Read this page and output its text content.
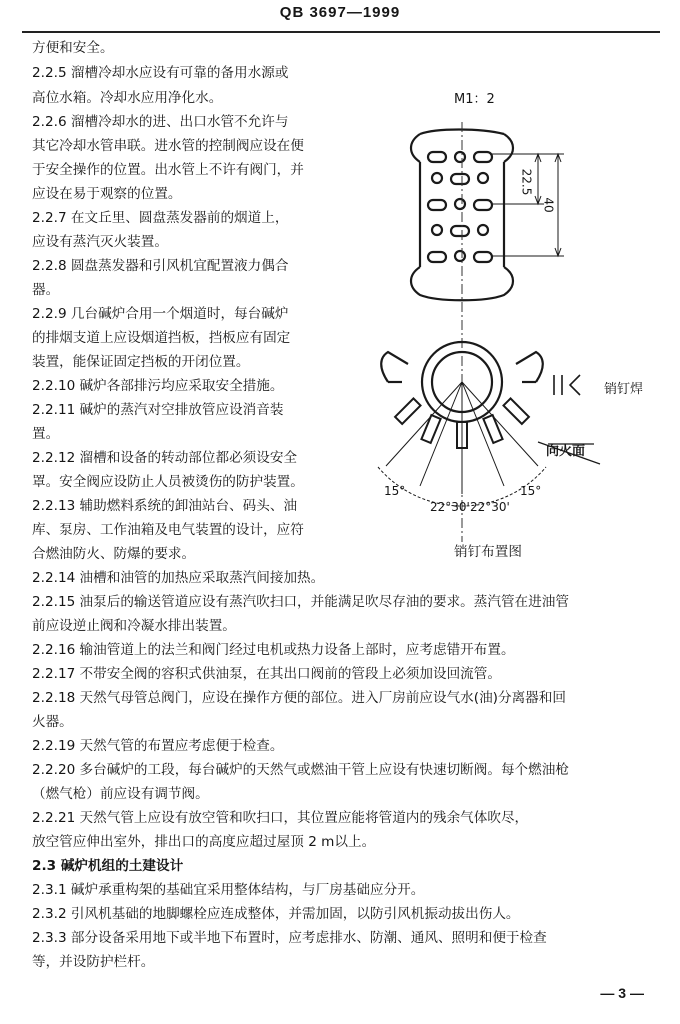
QB 3697—1999
方便和安全。
2.2.5 溜槽冷却水应设有可靠的备用水源或
高位水箱。冷却水应用净化水。
2.2.6 溜槽冷却水的进、出口水管不允许与
其它冷却水管串联。进水管的控制阀应设在便
于安全操作的位置。出水管上不许有阀门，并
应设在易于观察的位置。
2.2.7 在文丘里、圆盘蒸发器前的烟道上，
应设有蒸汽灭火装置。
2.2.8 圆盘蒸发器和引风机宜配置液力偶合
器。
2.2.9 几台碱炉合用一个烟道时，每台碱炉
的排烟支道上应设烟道挡板，挡板应有固定
装置，能保证固定挡板的开闭位置。
2.2.10 碱炉各部排污均应采取安全措施。
2.2.11 碱炉的蒸汽对空排放管应设消音装
置。
2.2.12 溜槽和设备的转动部位都必须设安全
罩。安全阀应设防止人员被烫伤的防护装置。
2.2.13 辅助燃料系统的卸油站台、码头、油
库、泵房、工作油箱及电气装置的设计，应符
合燃油防火、防爆的要求。
M1：2
22.5
40
销钉焊
向火面
15°
22°30' 22°30'
15°
销钉布置图
2.2.14 油槽和油管的加热应采取蒸汽间接加热。
2.2.15 油泵后的输送管道应设有蒸汽吹扫口，并能满足吹尽存油的要求。蒸汽管在进油管
前应设逆止阀和冷凝水排出装置。
2.2.16 输油管道上的法兰和阀门经过电机或热力设备上部时，应考虑错开布置。
2.2.17 不带安全阀的容积式供油泵，在其出口阀前的管段上必须加设回流管。
2.2.18 天然气母管总阀门，应设在操作方便的部位。进入厂房前应设气水(油)分离器和回
火器。
2.2.19 天然气管的布置应考虑便于检查。
2.2.20 多台碱炉的工段，每台碱炉的天然气或燃油干管上应设有快速切断阀。每个燃油枪
（燃气枪）前应设有调节阀。
2.2.21 天然气管上应设有放空管和吹扫口，其位置应能将管道内的残余气体吹尽，
放空管应伸出室外，排出口的高度应超过屋顶 2 m以上。
2.3 碱炉机组的土建设计
2.3.1 碱炉承重构架的基础宜采用整体结构，与厂房基础应分开。
2.3.2 引风机基础的地脚螺栓应连成整体，并需加固，以防引风机振动拔出伤人。
2.3.3 部分设备采用地下或半地下布置时，应考虑排水、防潮、通风、照明和便于检查
等，并设防护栏杆。
— 3 —
